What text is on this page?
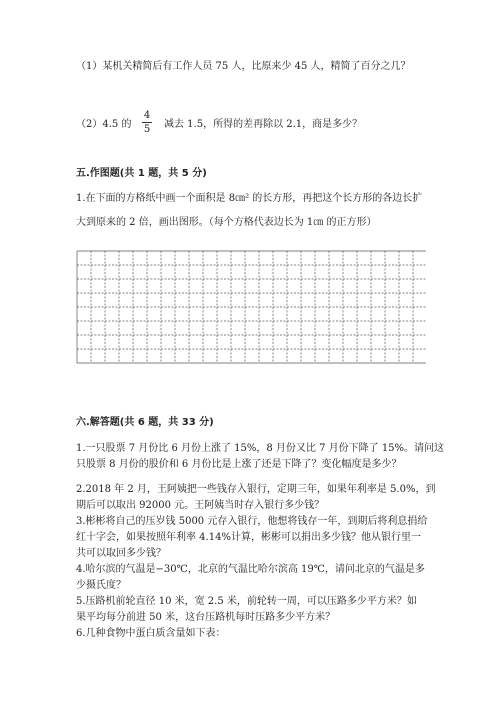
（1）某机关精简后有工作人员 75 人，比原来少 45 人，精简了百分之几？
（2）4.5 的
4
5 减去 1.5，所得的差再除以 2.1，商是多少？
五.作图题(共 1 题，共 5 分)
1.在下面的方格纸中画一个面积是 8㎝² 的长方形，再把这个长方形的各边长扩
大到原来的 2 倍，画出图形。（每个方格代表边长为 1㎝ 的正方形）
六.解答题(共 6 题，共 33 分)
1.一只股票 7 月份比 6 月份上涨了 15%，8 月份又比 7 月份下降了 15%。请问这
只股票 8 月份的股价和 6 月份比是上涨了还是下降了？变化幅度是多少？
2.2018 年 2 月，王阿姨把一些钱存入银行，定期三年，如果年利率是 5.0%，到
期后可以取出 92000 元。王阿姨当时存入银行多少钱？
3.彬彬将自己的压岁钱 5000 元存入银行，他想将钱存一年，到期后将利息捐给
红十字会，如果按照年利率 4.14%计算，彬彬可以捐出多少钱？他从银行里一
共可以取回多少钱？
4.哈尔滨的气温是−30℃，北京的气温比哈尔滨高 19℃，请问北京的气温是多
少摄氏度？
5.压路机前轮直径 10 米，宽 2.5 米，前轮转一周，可以压路多少平方米？如
果平均每分前进 50 米，这台压路机每时压路多少平方米？
6.几种食物中蛋白质含量如下表：
